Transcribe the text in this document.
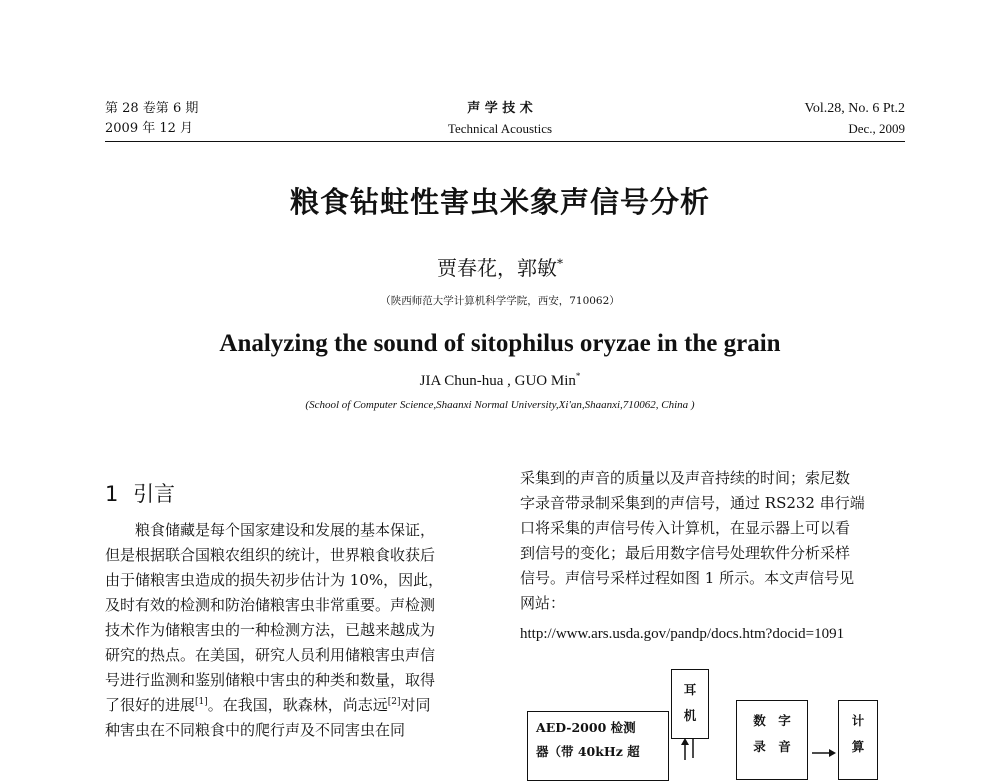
第 28 卷第 6 期
2009 年 12 月
声 学 技 术
Technical Acoustics
Vol.28, No. 6 Pt.2
Dec., 2009
粮食钻蛀性害虫米象声信号分析
贾春花，郭敏*
（陕西师范大学计算机科学学院，西安，710062）
Analyzing the sound of sitophilus oryzae in the grain
JIA Chun-hua , GUO Min*
(School of Computer Science,Shaanxi Normal University,Xi'an,Shaanxi,710062, China )
1 引言
　　粮食储藏是每个国家建设和发展的基本保证，
但是根据联合国粮农组织的统计，世界粮食收获后
由于储粮害虫造成的损失初步估计为 10%，因此，
及时有效的检测和防治储粮害虫非常重要。声检测
技术作为储粮害虫的一种检测方法，已越来越成为
研究的热点。在美国，研究人员利用储粮害虫声信
号进行监测和鉴别储粮中害虫的种类和数量，取得
了很好的进展[1]。在我国，耿森林，尚志远[2]对同
种害虫在不同粮食中的爬行声及不同害虫在同
采集到的声音的质量以及声音持续的时间；索尼数
字录音带录制采集到的声信号，通过 RS232 串行端
口将采集的声信号传入计算机，在显示器上可以看
到信号的变化；最后用数字信号处理软件分析采样
信号。声信号采样过程如图 1 所示。本文声信号见
网站：
http://www.ars.usda.gov/pandp/docs.htm?docid=1091
AED-2000 检测
器（带 40kHz 超
耳
机	数　字
录　音
计
算
